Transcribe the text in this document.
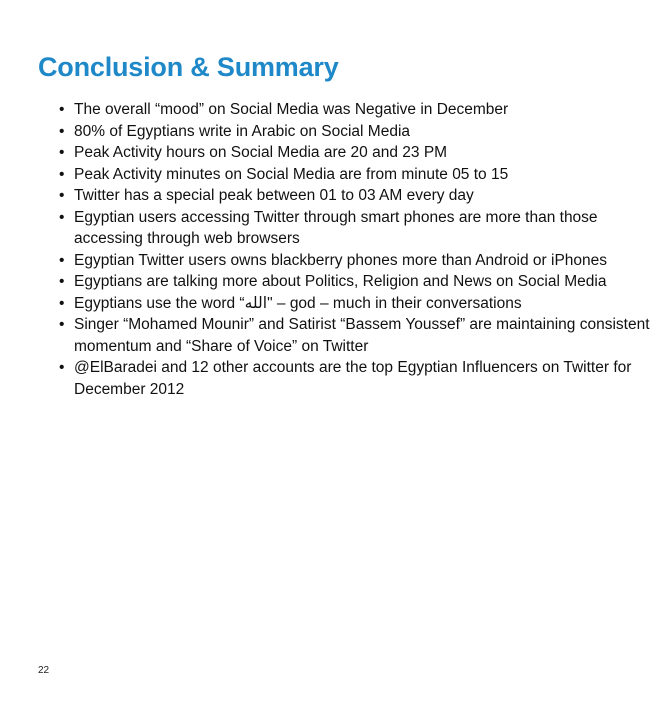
Conclusion & Summary
• The overall “mood” on Social Media was Negative in December
• 80% of Egyptians write in Arabic on Social Media
• Peak Activity hours on Social Media are 20 and 23 PM
• Peak Activity minutes on Social Media are from minute 05 to 15
• Twitter has a special peak between 01 to 03 AM every day
• Egyptian users accessing Twitter through smart phones are more than those accessing through web browsers
• Egyptian Twitter users owns blackberry phones more than Android or iPhones
• Egyptians are talking more about Politics, Religion and News on Social Media
• Egyptians use the word “الله" – god – much in their conversations
• Singer “Mohamed Mounir” and Satirist “Bassem Youssef” are maintaining consistent momentum and “Share of Voice” on Twitter
• @ElBaradei and 12 other accounts are the top Egyptian Influencers on Twitter for December 2012
22
